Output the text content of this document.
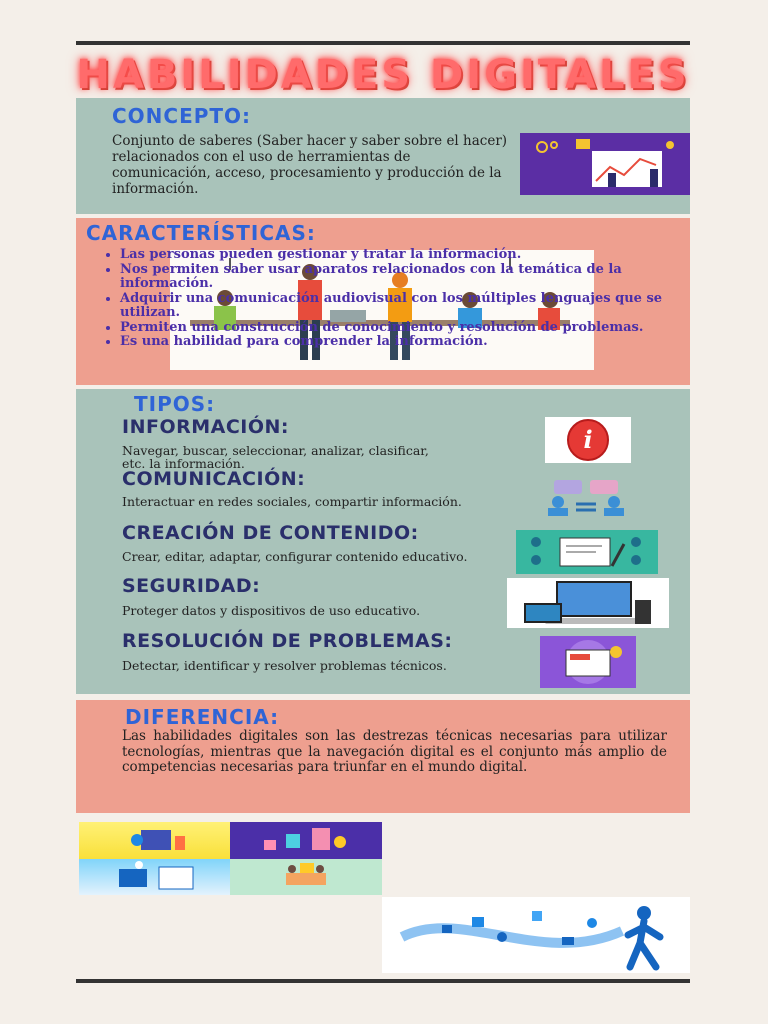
HABILIDADES DIGITALES
CONCEPTO:
Conjunto de saberes (Saber hacer y saber sobre el hacer) relacionados con el uso de herramientas de comunicación, acceso, procesamiento y producción de la información.
CARACTERÍSTICAS:
• Las personas pueden gestionar y tratar la información.
• Nos permiten saber usar aparatos relacionados con la temática de la información.
• Adquirir una comunicación audiovisual con los múltiples lenguajes que se utilizan.
• Permiten una construcción de conocimiento y resolución de problemas.
• Es una habilidad para comprender la información.
TIPOS:
INFORMACIÓN:
Navegar, buscar, seleccionar, analizar, clasificar, etc. la información.
i
COMUNICACIÓN:
Interactuar en redes sociales, compartir información.
CREACIÓN DE CONTENIDO:
Crear, editar, adaptar, configurar contenido educativo.
SEGURIDAD:
Proteger datos y dispositivos de uso educativo.
RESOLUCIÓN DE PROBLEMAS:
Detectar, identificar y resolver problemas técnicos.
DIFERENCIA:
Las habilidades digitales son las destrezas técnicas necesarias para utilizar tecnologías, mientras que la navegación digital es el conjunto más amplio de competencias necesarias para triunfar en el mundo digital.
